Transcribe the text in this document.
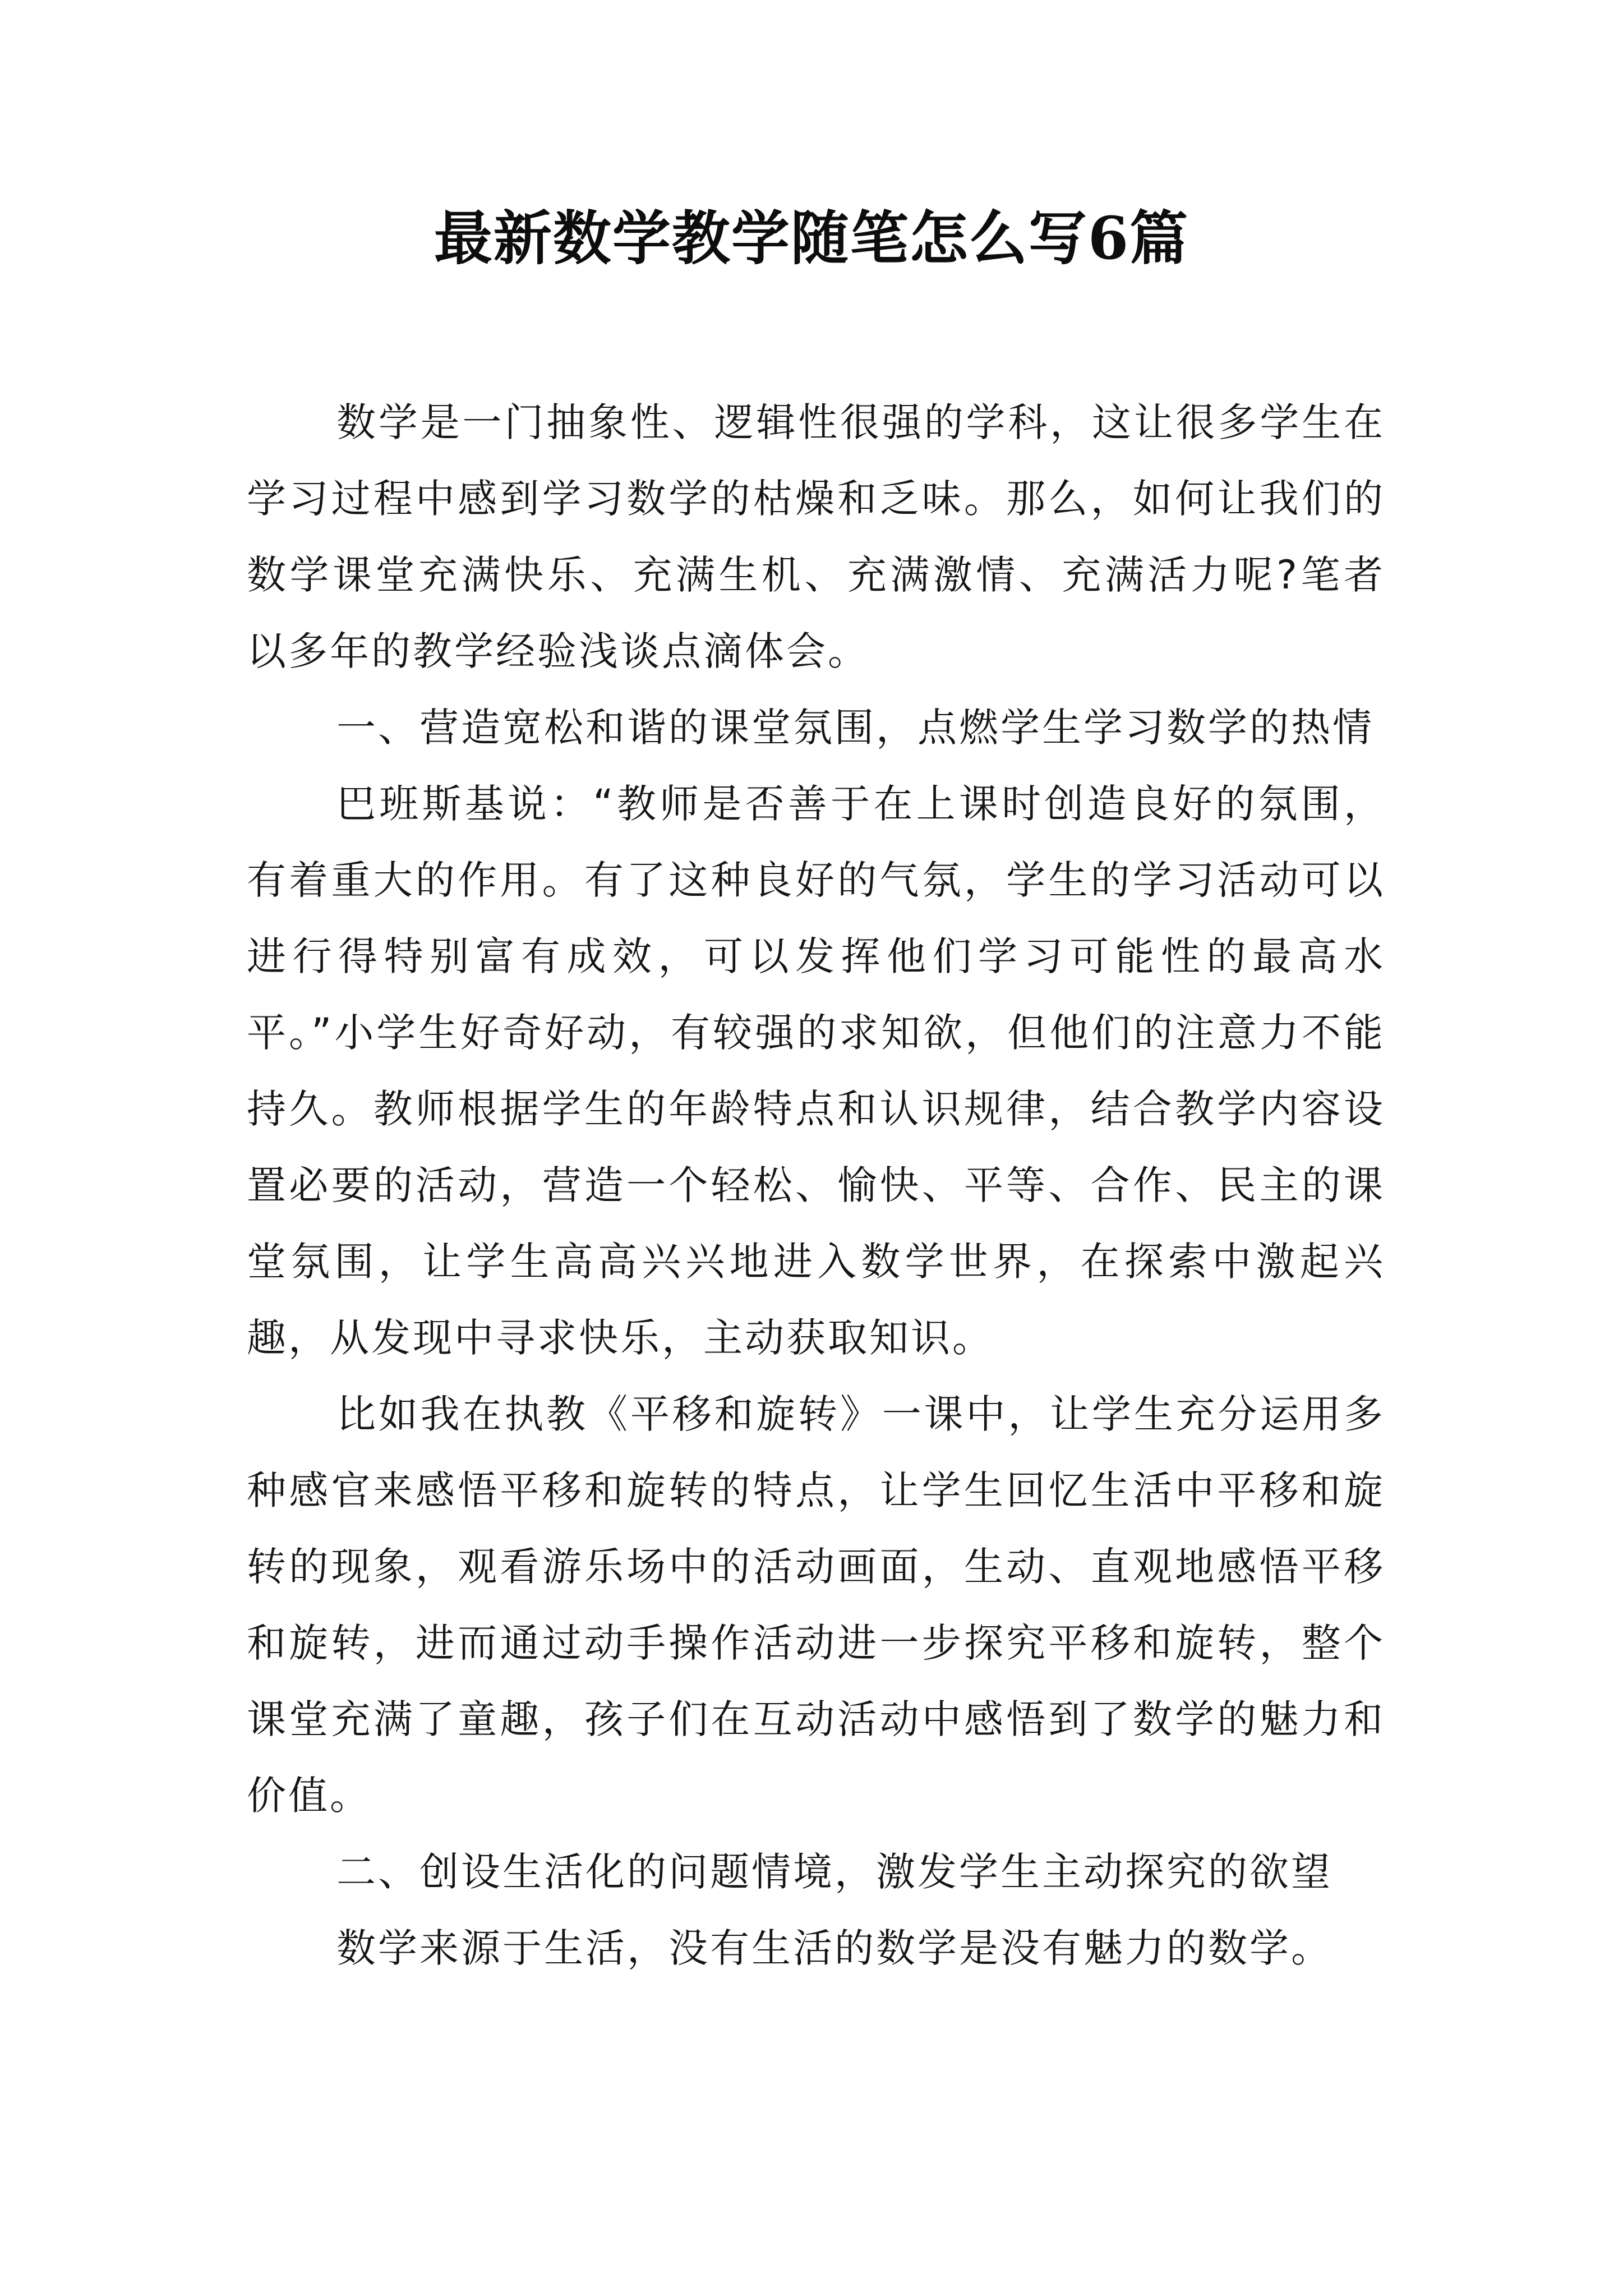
最新数学教学随笔怎么写6篇

数学是一门抽象性、逻辑性很强的学科，这让很多学生在学习过程中感到学习数学的枯燥和乏味。那么，如何让我们的数学课堂充满快乐、充满生机、充满激情、充满活力呢?笔者以多年的教学经验浅谈点滴体会。

一、营造宽松和谐的课堂氛围，点燃学生学习数学的热情

巴班斯基说：“教师是否善于在上课时创造良好的氛围，有着重大的作用。有了这种良好的气氛，学生的学习活动可以进行得特别富有成效，可以发挥他们学习可能性的最高水平。”小学生好奇好动，有较强的求知欲，但他们的注意力不能持久。教师根据学生的年龄特点和认识规律，结合教学内容设置必要的活动，营造一个轻松、愉快、平等、合作、民主的课堂氛围，让学生高高兴兴地进入数学世界，在探索中激起兴趣，从发现中寻求快乐，主动获取知识。

比如我在执教《平移和旋转》一课中，让学生充分运用多种感官来感悟平移和旋转的特点，让学生回忆生活中平移和旋转的现象，观看游乐场中的活动画面，生动、直观地感悟平移和旋转，进而通过动手操作活动进一步探究平移和旋转，整个课堂充满了童趣，孩子们在互动活动中感悟到了数学的魅力和价值。

二、创设生活化的问题情境，激发学生主动探究的欲望

数学来源于生活，没有生活的数学是没有魅力的数学。
